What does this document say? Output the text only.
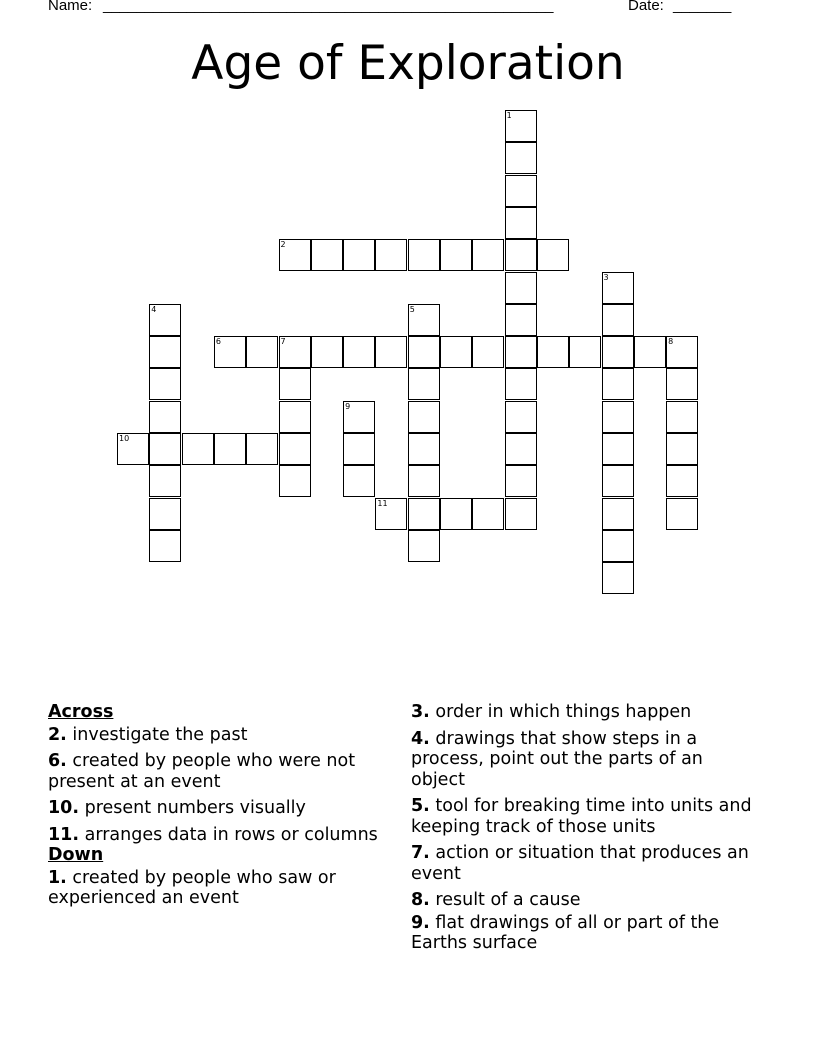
Name: ______________________________________________________	Date: _______
Age of Exploration
1
2
3
4	5
6	7	8
9
10
11
Across
2. investigate the past
6. created by people who were not present at an event
10. present numbers visually
11. arranges data in rows or columns
Down
1. created by people who saw or experienced an event
3. order in which things happen
4. drawings that show steps in a process, point out the parts of an object
5. tool for breaking time into units and keeping track of those units
7. action or situation that produces an event
8. result of a cause
9. flat drawings of all or part of the Earths surface
